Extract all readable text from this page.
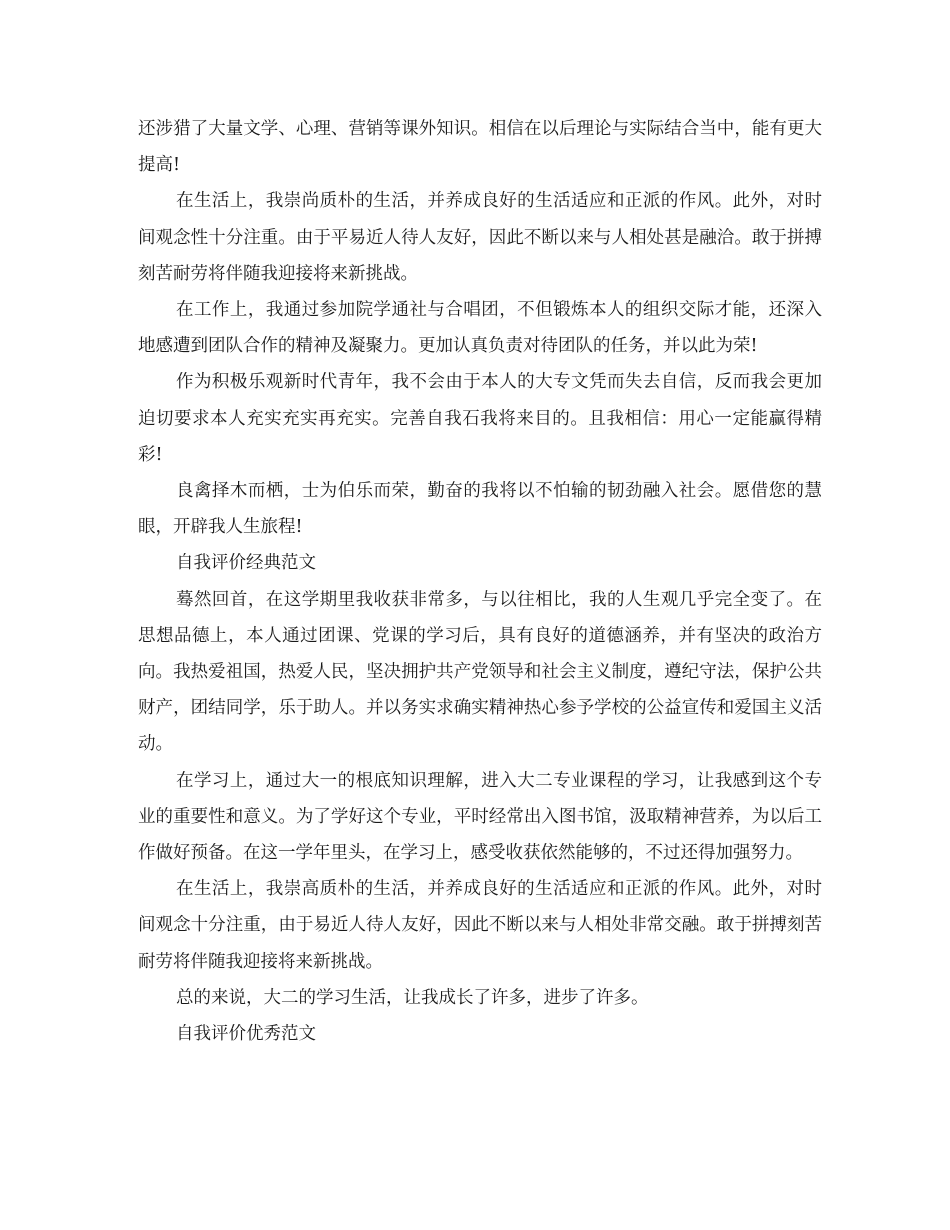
还涉猎了大量文学、心理、营销等课外知识。相信在以后理论与实际结合当中，能有更大提高!

在生活上，我崇尚质朴的生活，并养成良好的生活适应和正派的作风。此外，对时间观念性十分注重。由于平易近人待人友好，因此不断以来与人相处甚是融洽。敢于拼搏刻苦耐劳将伴随我迎接将来新挑战。

在工作上，我通过参加院学通社与合唱团，不但锻炼本人的组织交际才能，还深入地感遭到团队合作的精神及凝聚力。更加认真负责对待团队的任务，并以此为荣!

作为积极乐观新时代青年，我不会由于本人的大专文凭而失去自信，反而我会更加迫切要求本人充实充实再充实。完善自我石我将来目的。且我相信：用心一定能赢得精彩!

良禽择木而栖，士为伯乐而荣，勤奋的我将以不怕输的韧劲融入社会。愿借您的慧眼，开辟我人生旅程!

自我评价经典范文

蓦然回首，在这学期里我收获非常多，与以往相比，我的人生观几乎完全变了。在思想品德上，本人通过团课、党课的学习后，具有良好的道德涵养，并有坚决的政治方向。我热爱祖国，热爱人民，坚决拥护共产党领导和社会主义制度，遵纪守法，保护公共财产，团结同学，乐于助人。并以务实求确实精神热心参予学校的公益宣传和爱国主义活动。

在学习上，通过大一的根底知识理解，进入大二专业课程的学习，让我感到这个专业的重要性和意义。为了学好这个专业，平时经常出入图书馆，汲取精神营养，为以后工作做好预备。在这一学年里头，在学习上，感受收获依然能够的，不过还得加强努力。

在生活上，我崇高质朴的生活，并养成良好的生活适应和正派的作风。此外，对时间观念十分注重，由于易近人待人友好，因此不断以来与人相处非常交融。敢于拼搏刻苦耐劳将伴随我迎接将来新挑战。

总的来说，大二的学习生活，让我成长了许多，进步了许多。

自我评价优秀范文
